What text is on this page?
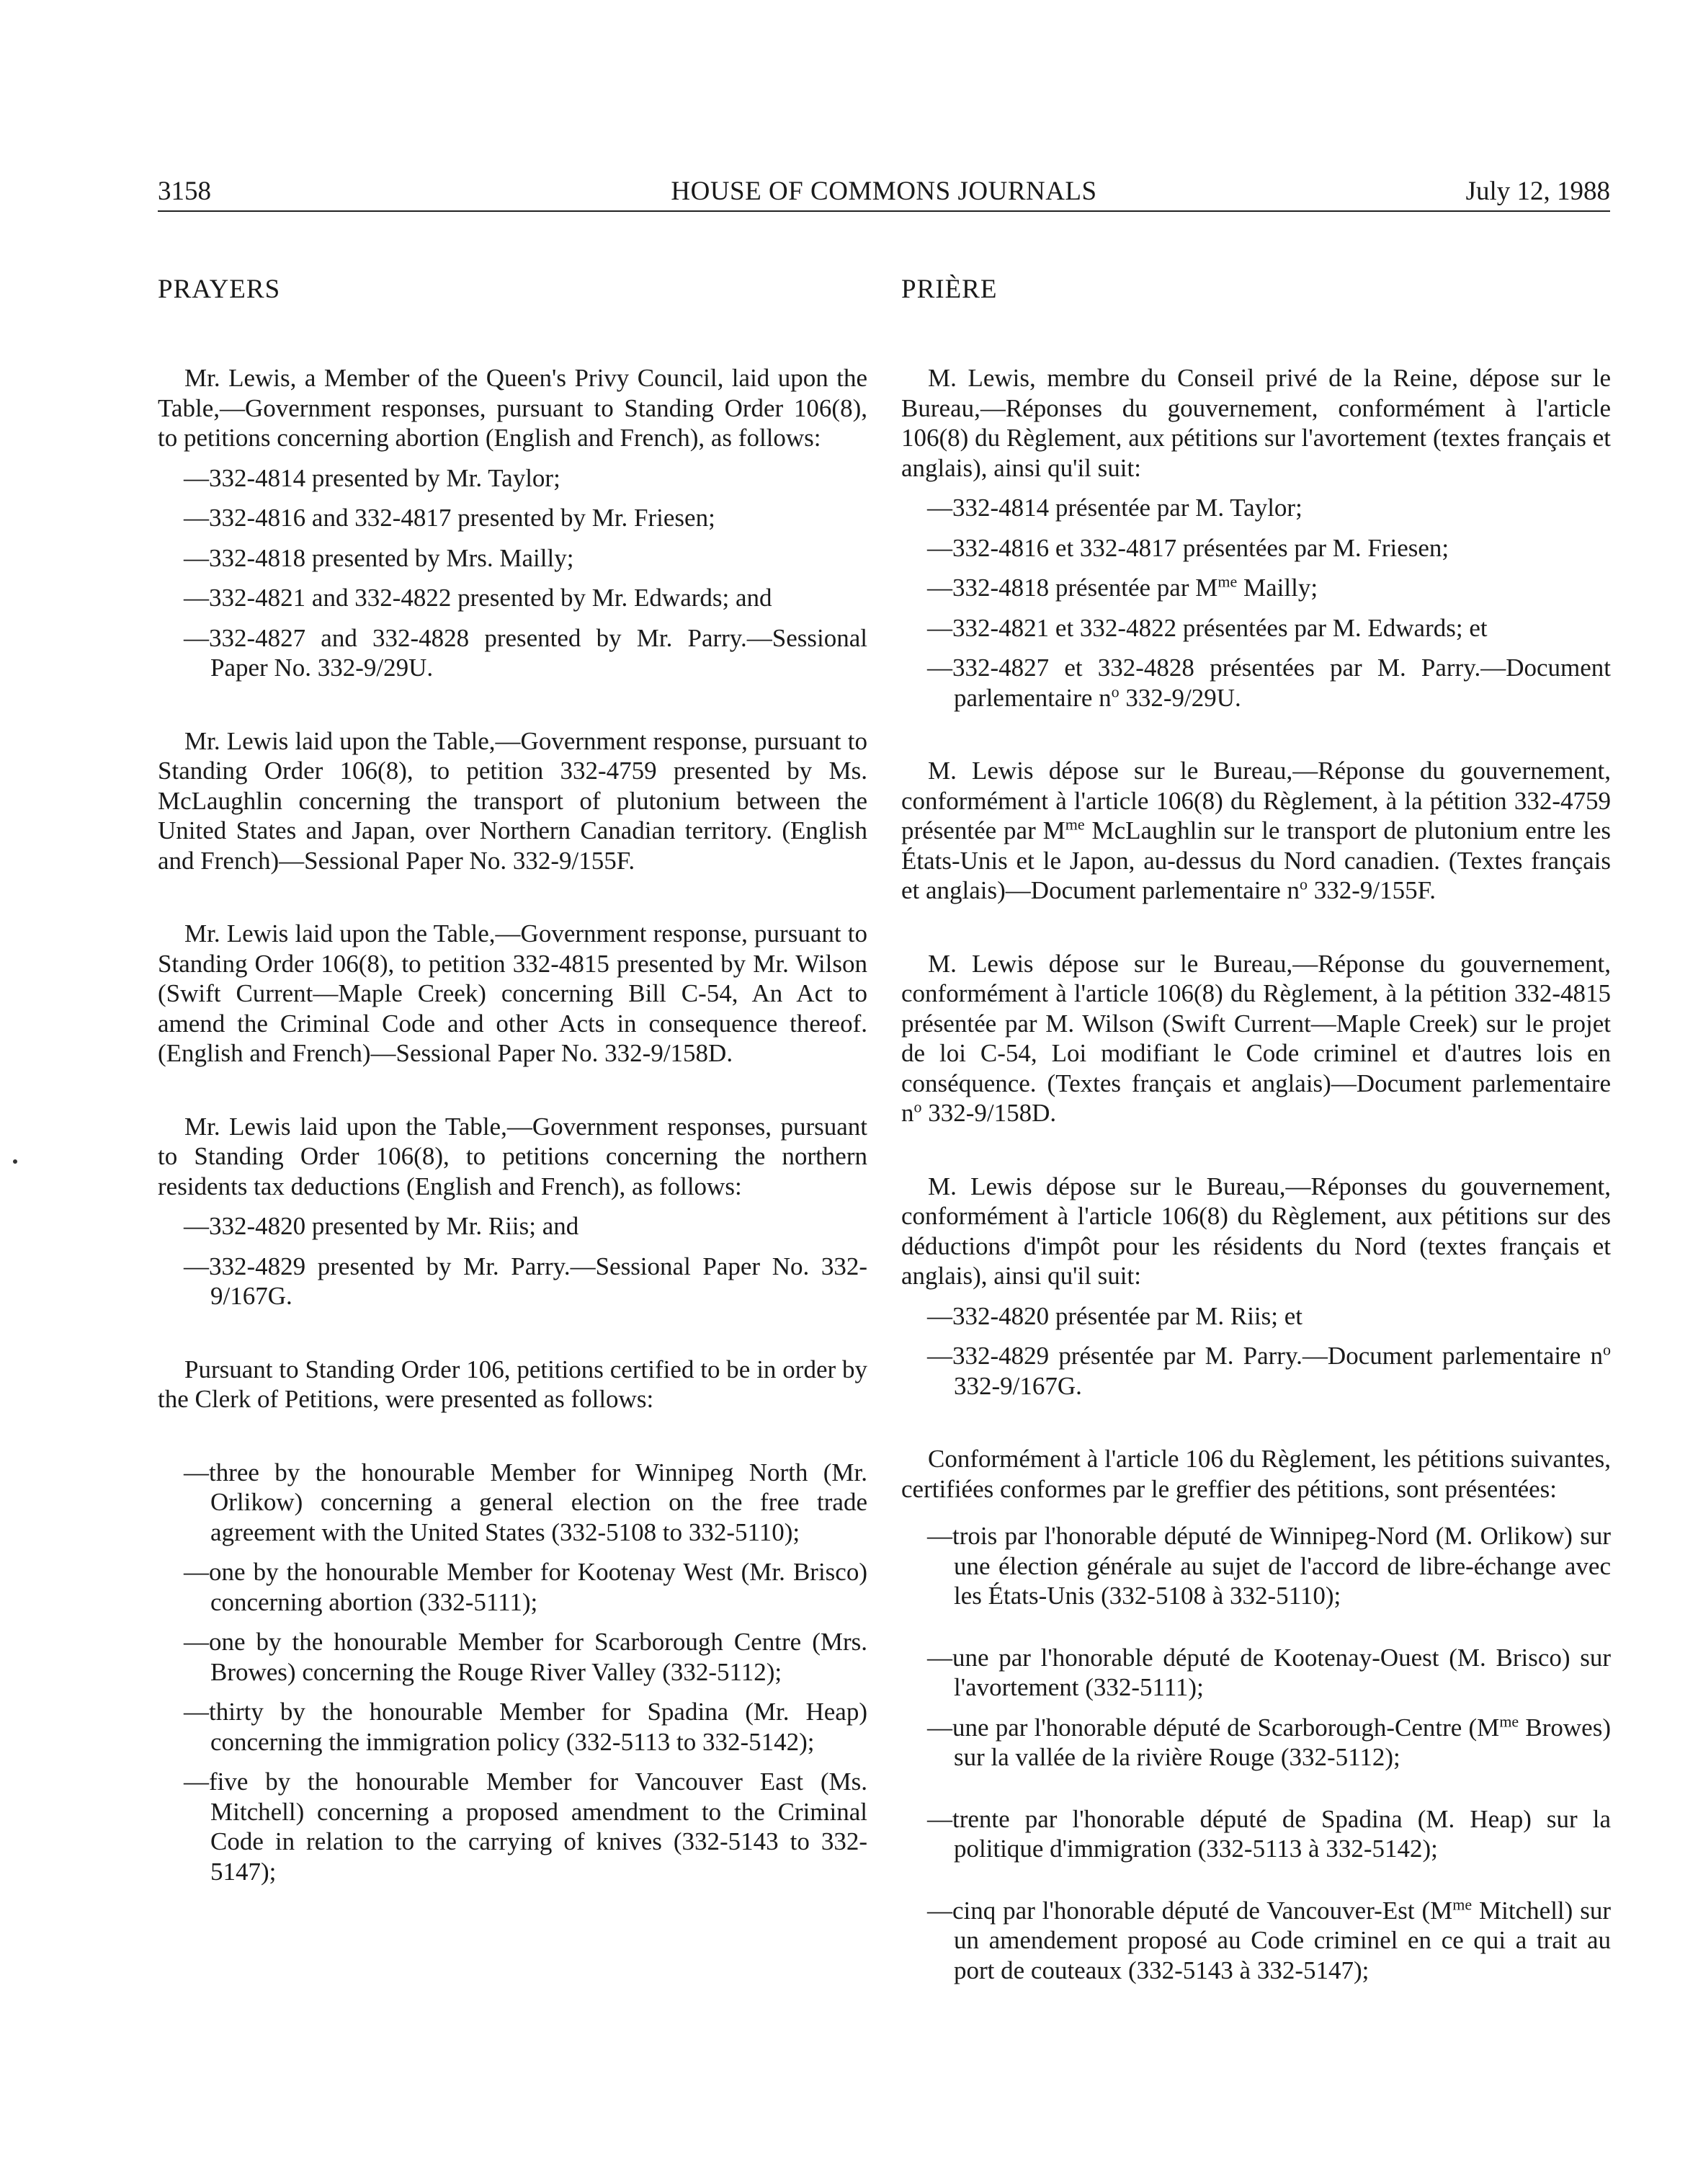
3158	HOUSE OF COMMONS JOURNALS	July 12, 1988
PRAYERS

Mr. Lewis, a Member of the Queen's Privy Council, laid upon the Table,—Government responses, pursuant to Standing Order 106(8), to petitions concerning abortion (English and French), as follows:

—332-4814 presented by Mr. Taylor;

—332-4816 and 332-4817 presented by Mr. Friesen;

—332-4818 presented by Mrs. Mailly;

—332-4821 and 332-4822 presented by Mr. Edwards; and

—332-4827 and 332-4828 presented by Mr. Parry.—Sessional Paper No. 332-9/29U.

Mr. Lewis laid upon the Table,—Government response, pursuant to Standing Order 106(8), to petition 332-4759 presented by Ms. McLaughlin concerning the transport of plutonium between the United States and Japan, over Northern Canadian territory. (English and French)—Sessional Paper No. 332-9/155F.

Mr. Lewis laid upon the Table,—Government response, pursuant to Standing Order 106(8), to petition 332-4815 presented by Mr. Wilson (Swift Current—Maple Creek) concerning Bill C-54, An Act to amend the Criminal Code and other Acts in consequence thereof. (English and French)—Sessional Paper No. 332-9/158D.

Mr. Lewis laid upon the Table,—Government responses, pursuant to Standing Order 106(8), to petitions concerning the northern residents tax deductions (English and French), as follows:

—332-4820 presented by Mr. Riis; and

—332-4829 presented by Mr. Parry.—Sessional Paper No. 332-9/167G.

Pursuant to Standing Order 106, petitions certified to be in order by the Clerk of Petitions, were presented as follows:

—three by the honourable Member for Winnipeg North (Mr. Orlikow) concerning a general election on the free trade agreement with the United States (332-5108 to 332-5110);

—one by the honourable Member for Kootenay West (Mr. Brisco) concerning abortion (332-5111);

—one by the honourable Member for Scarborough Centre (Mrs. Browes) concerning the Rouge River Valley (332-5112);

—thirty by the honourable Member for Spadina (Mr. Heap) concerning the immigration policy (332-5113 to 332-5142);

—five by the honourable Member for Vancouver East (Ms. Mitchell) concerning a proposed amendment to the Criminal Code in relation to the carrying of knives (332-5143 to 332-5147);

PRIÈRE

M. Lewis, membre du Conseil privé de la Reine, dépose sur le Bureau,—Réponses du gouvernement, conformément à l'article 106(8) du Règlement, aux pétitions sur l'avortement (textes français et anglais), ainsi qu'il suit:

—332-4814 présentée par M. Taylor;

—332-4816 et 332-4817 présentées par M. Friesen;

—332-4818 présentée par $M^{me}$ Mailly;

—332-4821 et 332-4822 présentées par M. Edwards; et

—332-4827 et 332-4828 présentées par M. Parry.—Document parlementaire $n^o$ 332-9/29U.

M. Lewis dépose sur le Bureau,—Réponse du gouvernement, conformément à l'article 106(8) du Règlement, à la pétition 332-4759 présentée par $M^{me}$ McLaughlin sur le transport de plutonium entre les États-Unis et le Japon, au-dessus du Nord canadien. (Textes français et anglais)—Document parlementaire $n^o$ 332-9/155F.

M. Lewis dépose sur le Bureau,—Réponse du gouvernement, conformément à l'article 106(8) du Règlement, à la pétition 332-4815 présentée par M. Wilson (Swift Current—Maple Creek) sur le projet de loi C-54, Loi modifiant le Code criminel et d'autres lois en conséquence. (Textes français et anglais)—Document parlementaire $n^o$ 332-9/158D.

M. Lewis dépose sur le Bureau,—Réponses du gouvernement, conformément à l'article 106(8) du Règlement, aux pétitions sur des déductions d'impôt pour les résidents du Nord (textes français et anglais), ainsi qu'il suit:

—332-4820 présentée par M. Riis; et

—332-4829 présentée par M. Parry.—Document parlementaire $n^o$ 332-9/167G.

Conformément à l'article 106 du Règlement, les pétitions suivantes, certifiées conformes par le greffier des pétitions, sont présentées:

—trois par l'honorable député de Winnipeg-Nord (M. Orlikow) sur une élection générale au sujet de l'accord de libre-échange avec les États-Unis (332-5108 à 332-5110);

—une par l'honorable député de Kootenay-Ouest (M. Brisco) sur l'avortement (332-5111);

—une par l'honorable député de Scarborough-Centre ($M^{me}$ Browes) sur la vallée de la rivière Rouge (332-5112);

—trente par l'honorable député de Spadina (M. Heap) sur la politique d'immigration (332-5113 à 332-5142);

—cinq par l'honorable député de Vancouver-Est ($M^{me}$ Mitchell) sur un amendement proposé au Code criminel en ce qui a trait au port de couteaux (332-5143 à 332-5147);
